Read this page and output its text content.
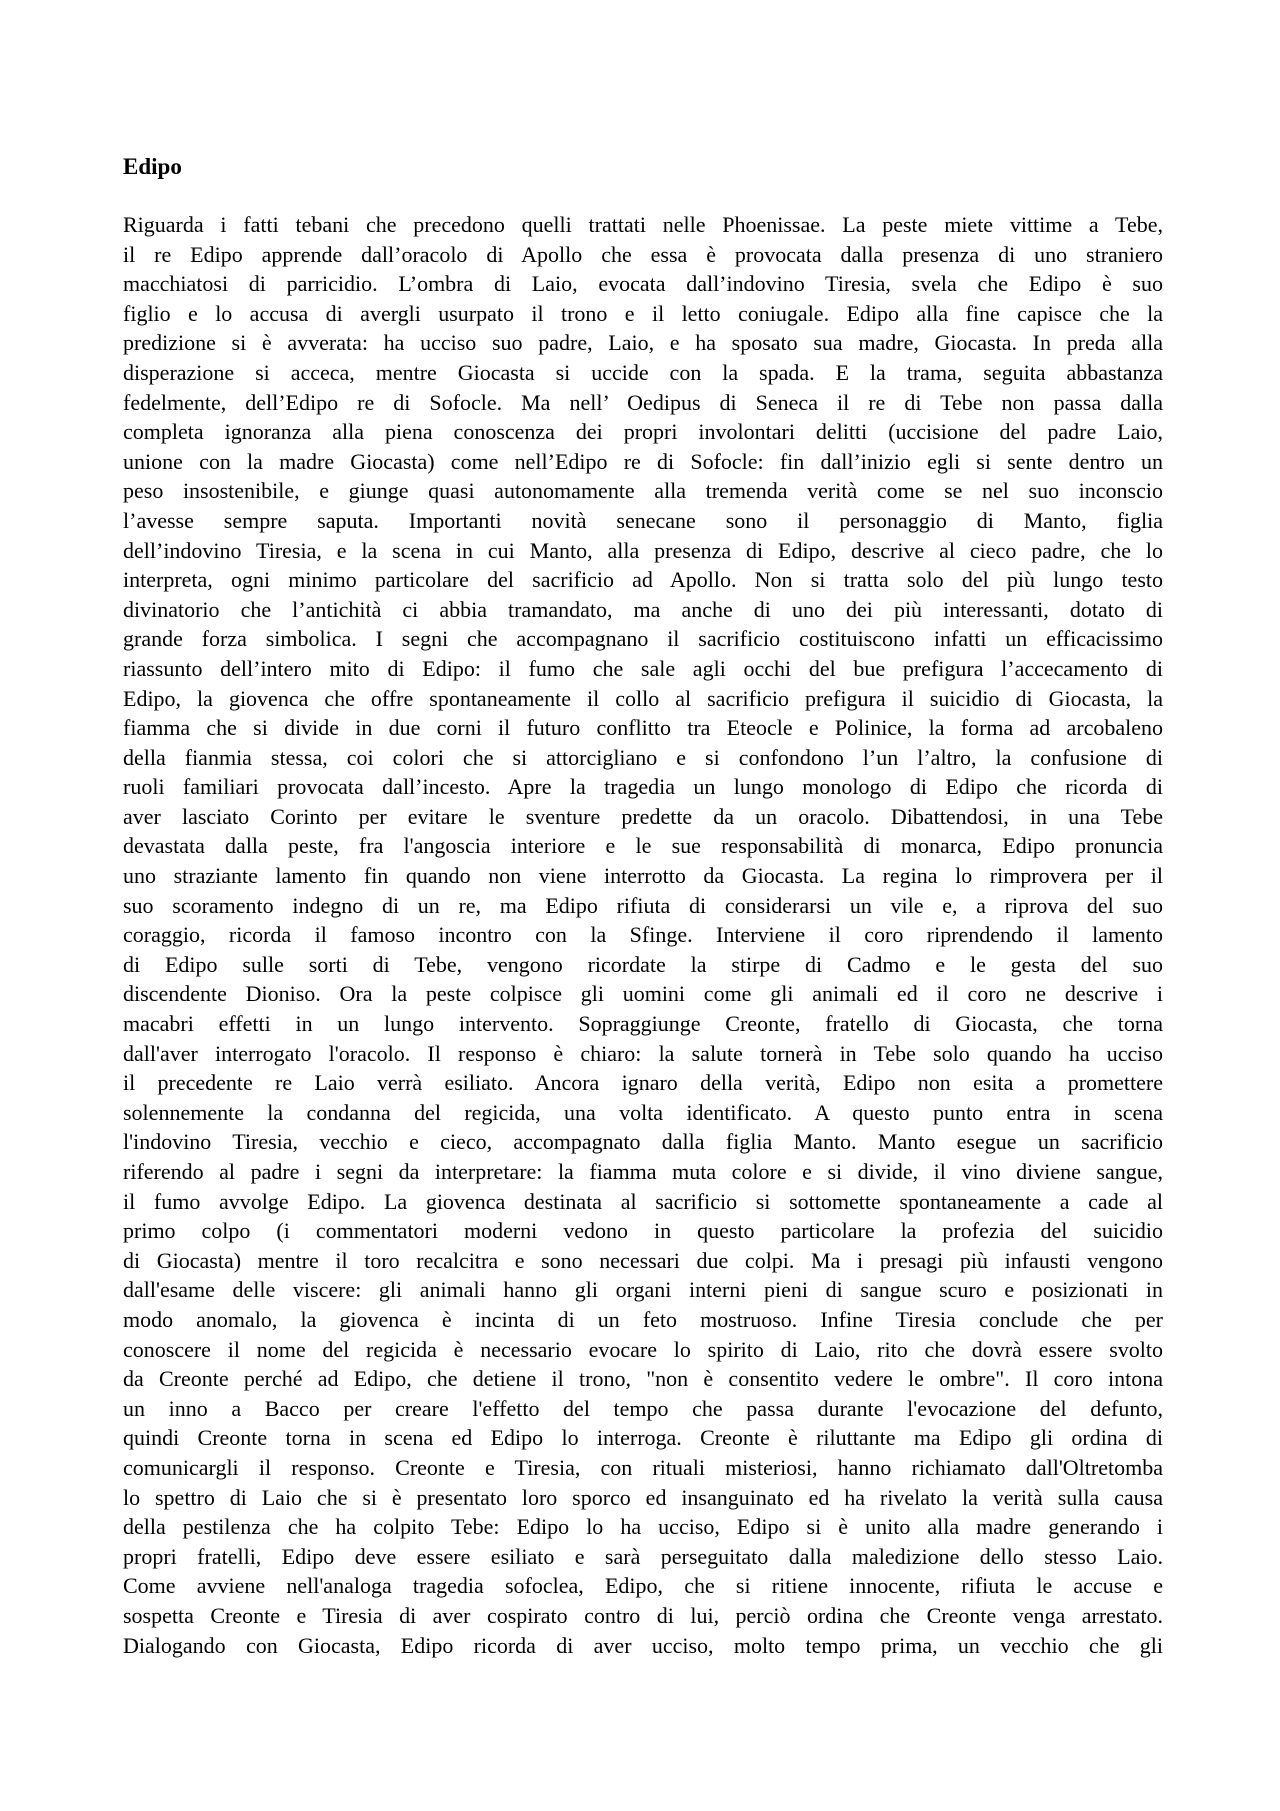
Edipo
Riguarda i fatti tebani che precedono quelli trattati nelle Phoenissae. La peste miete vittime a Tebe,
il re Edipo apprende dall’oracolo di Apollo che essa è provocata dalla presenza di uno straniero
macchiatosi di parricidio. L’ombra di Laio, evocata dall’indovino Tiresia, svela che Edipo è suo
figlio e lo accusa di avergli usurpato il trono e il letto coniugale. Edipo alla fine capisce che la
predizione si è avverata: ha ucciso suo padre, Laio, e ha sposato sua madre, Giocasta. In preda alla
disperazione si acceca, mentre Giocasta si uccide con la spada. E la trama, seguita abbastanza
fedelmente, dell’Edipo re di Sofocle. Ma nell’ Oedipus di Seneca il re di Tebe non passa dalla
completa ignoranza alla piena conoscenza dei propri involontari delitti (uccisione del padre Laio,
unione con la madre Giocasta) come nell’Edipo re di Sofocle: fin dall’inizio egli si sente dentro un
peso insostenibile, e giunge quasi autonomamente alla tremenda verità come se nel suo inconscio
l’avesse sempre saputa. Importanti novità senecane sono il personaggio di Manto, figlia
dell’indovino Tiresia, e la scena in cui Manto, alla presenza di Edipo, descrive al cieco padre, che lo
interpreta, ogni minimo particolare del sacrificio ad Apollo. Non si tratta solo del più lungo testo
divinatorio che l’antichità ci abbia tramandato, ma anche di uno dei più interessanti, dotato di
grande forza simbolica. I segni che accompagnano il sacrificio costituiscono infatti un efficacissimo
riassunto dell’intero mito di Edipo: il fumo che sale agli occhi del bue prefigura l’accecamento di
Edipo, la giovenca che offre spontaneamente il collo al sacrificio prefigura il suicidio di Giocasta, la
fiamma che si divide in due corni il futuro conflitto tra Eteocle e Polinice, la forma ad arcobaleno
della fianmia stessa, coi colori che si attorcigliano e si confondono l’un l’altro, la confusione di
ruoli familiari provocata dall’incesto. Apre la tragedia un lungo monologo di Edipo che ricorda di
aver lasciato Corinto per evitare le sventure predette da un oracolo. Dibattendosi, in una Tebe
devastata dalla peste, fra l'angoscia interiore e le sue responsabilità di monarca, Edipo pronuncia
uno straziante lamento fin quando non viene interrotto da Giocasta. La regina lo rimprovera per il
suo scoramento indegno di un re, ma Edipo rifiuta di considerarsi un vile e, a riprova del suo
coraggio, ricorda il famoso incontro con la Sfinge. Interviene il coro riprendendo il lamento
di Edipo sulle sorti di Tebe, vengono ricordate la stirpe di Cadmo e le gesta del suo
discendente Dioniso. Ora la peste colpisce gli uomini come gli animali ed il coro ne descrive i
macabri effetti in un lungo intervento. Sopraggiunge Creonte, fratello di Giocasta, che torna
dall'aver interrogato l'oracolo. Il responso è chiaro: la salute tornerà in Tebe solo quando ha ucciso
il precedente re Laio verrà esiliato. Ancora ignaro della verità, Edipo non esita a promettere
solennemente la condanna del regicida, una volta identificato. A questo punto entra in scena
l'indovino Tiresia, vecchio e cieco, accompagnato dalla figlia Manto. Manto esegue un sacrificio
riferendo al padre i segni da interpretare: la fiamma muta colore e si divide, il vino diviene sangue,
il fumo avvolge Edipo. La giovenca destinata al sacrificio si sottomette spontaneamente a cade al
primo colpo (i commentatori moderni vedono in questo particolare la profezia del suicidio
di Giocasta) mentre il toro recalcitra e sono necessari due colpi. Ma i presagi più infausti vengono
dall'esame delle viscere: gli animali hanno gli organi interni pieni di sangue scuro e posizionati in
modo anomalo, la giovenca è incinta di un feto mostruoso. Infine Tiresia conclude che per
conoscere il nome del regicida è necessario evocare lo spirito di Laio, rito che dovrà essere svolto
da Creonte perché ad Edipo, che detiene il trono, "non è consentito vedere le ombre". Il coro intona
un inno a Bacco per creare l'effetto del tempo che passa durante l'evocazione del defunto,
quindi Creonte torna in scena ed Edipo lo interroga. Creonte è riluttante ma Edipo gli ordina di
comunicargli il responso. Creonte e Tiresia, con rituali misteriosi, hanno richiamato dall'Oltretomba
lo spettro di Laio che si è presentato loro sporco ed insanguinato ed ha rivelato la verità sulla causa
della pestilenza che ha colpito Tebe: Edipo lo ha ucciso, Edipo si è unito alla madre generando i
propri fratelli, Edipo deve essere esiliato e sarà perseguitato dalla maledizione dello stesso Laio.
Come avviene nell'analoga tragedia sofoclea, Edipo, che si ritiene innocente, rifiuta le accuse e
sospetta Creonte e Tiresia di aver cospirato contro di lui, perciò ordina che Creonte venga arrestato.
Dialogando con Giocasta, Edipo ricorda di aver ucciso, molto tempo prima, un vecchio che gli
